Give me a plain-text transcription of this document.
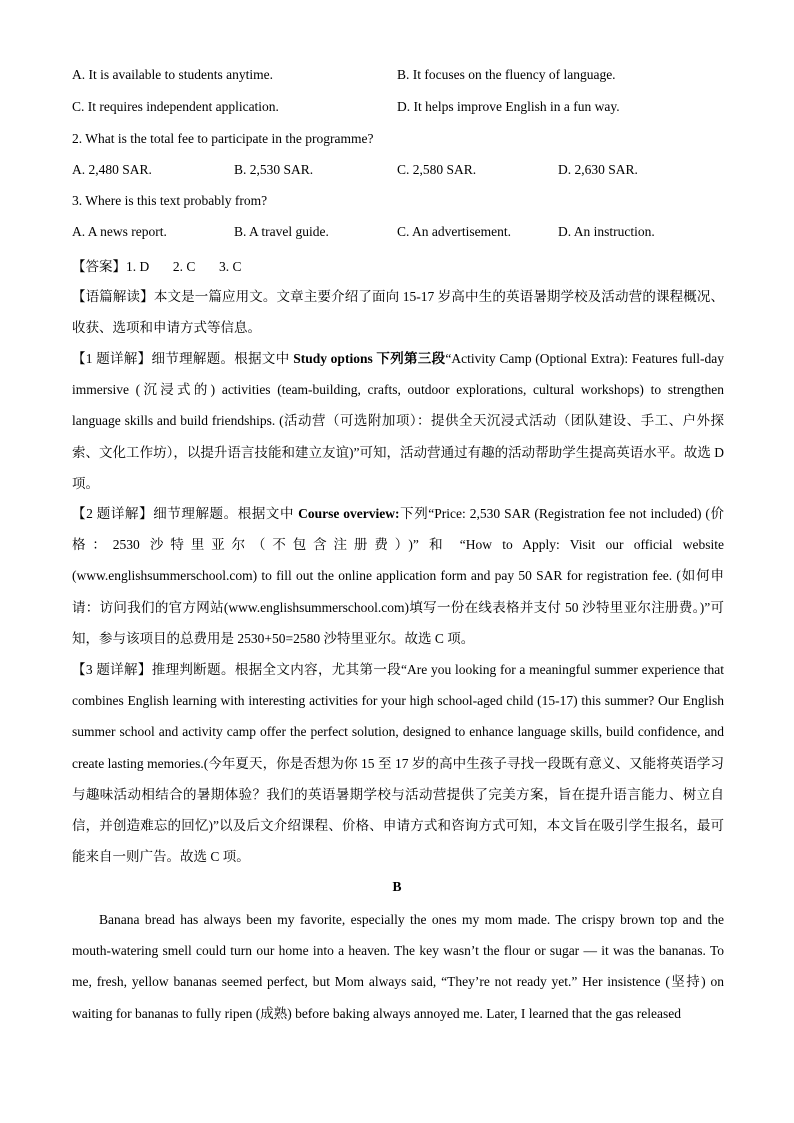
A. It is available to students anytime.	B. It focuses on the fluency of language.
C. It requires independent application.	D. It helps improve English in a fun way.
2. What is the total fee to participate in the programme?
A. 2,480 SAR.	B. 2,530 SAR.	C. 2,580 SAR.	D. 2,630 SAR.
3. Where is this text probably from?
A. A news report.	B. A travel guide.	C. An advertisement.	D. An instruction.
【答案】1. D       2. C       3. C
【语篇解读】本文是一篇应用文。文章主要介绍了面向 15-17 岁高中生的英语暑期学校及活动营的课程概况、收获、选项和申请方式等信息。
【1 题详解】细节理解题。根据文中 Study options 下列第三段“Activity Camp (Optional Extra): Features full-day immersive (沉浸式的) activities (team-building, crafts, outdoor explorations, cultural workshops) to strengthen language skills and build friendships. (活动营（可选附加项）：提供全天沉浸式活动（团队建设、手工、户外探索、文化工作坊），以提升语言技能和建立友谊)”可知，活动营通过有趣的活动帮助学生提高英语水平。故选 D 项。
【2 题详解】细节理解题。根据文中 Course overview:下列“Price: 2,530 SAR (Registration fee not included) (价格：2530 沙特里亚尔（不包含注册费）)” 和 “How to Apply: Visit our official website (www.englishsummerschool.com) to fill out the online application form and pay 50 SAR for registration fee. (如何申请：访问我们的官方网站(www.englishsummerschool.com)填写一份在线表格并支付 50 沙特里亚尔注册费。)”可知，参与该项目的总费用是 2530+50=2580 沙特里亚尔。故选 C 项。
【3 题详解】推理判断题。根据全文内容，尤其第一段“Are you looking for a meaningful summer experience that combines English learning with interesting activities for your high school-aged child (15-17) this summer? Our English summer school and activity camp offer the perfect solution, designed to enhance language skills, build confidence, and create lasting memories.(今年夏天，你是否想为你 15 至 17 岁的高中生孩子寻找一段既有意义、又能将英语学习与趣味活动相结合的暑期体验？我们的英语暑期学校与活动营提供了完美方案，旨在提升语言能力、树立自信，并创造难忘的回忆)”以及后文介绍课程、价格、申请方式和咨询方式可知，本文旨在吸引学生报名，最可能来自一则广告。故选 C 项。
B
Banana bread has always been my favorite, especially the ones my mom made. The crispy brown top and the mouth-watering smell could turn our home into a heaven. The key wasn’t the flour or sugar — it was the bananas. To me, fresh, yellow bananas seemed perfect, but Mom always said, “They’re not ready yet.” Her insistence (坚持) on waiting for bananas to fully ripen (成熟) before baking always annoyed me. Later, I learned that the gas released
